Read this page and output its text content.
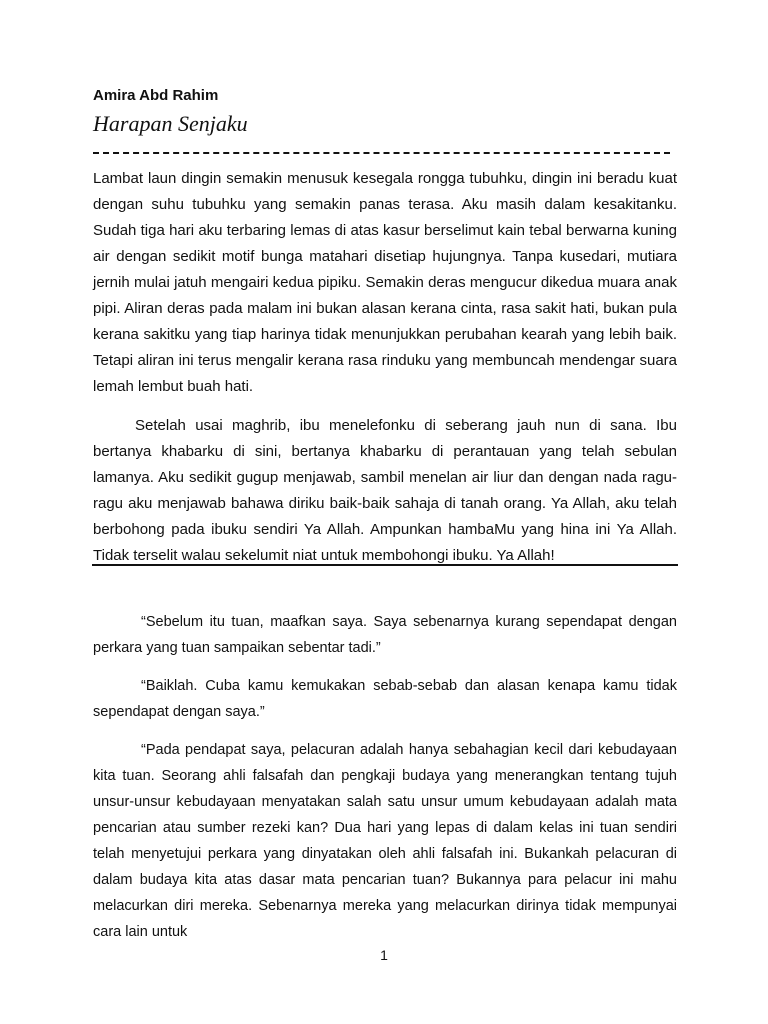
Amira Abd Rahim
Harapan Senjaku

Lambat laun dingin semakin menusuk kesegala rongga tubuhku, dingin ini beradu kuat dengan suhu tubuhku yang semakin panas terasa. Aku masih dalam kesakitanku. Sudah tiga hari aku terbaring lemas di atas kasur berselimut kain tebal berwarna kuning air dengan sedikit motif bunga matahari disetiap hujungnya. Tanpa kusedari, mutiara jernih mulai jatuh mengairi kedua pipiku. Semakin deras mengucur dikedua muara anak pipi. Aliran deras pada malam ini bukan alasan kerana cinta, rasa sakit hati, bukan pula kerana sakitku yang tiap harinya tidak menunjukkan perubahan kearah yang lebih baik. Tetapi aliran ini terus mengalir kerana rasa rinduku yang membuncah mendengar suara lemah lembut buah hati.

Setelah usai maghrib, ibu menelefonku di seberang jauh nun di sana. Ibu bertanya khabarku di sini, bertanya khabarku di perantauan yang telah sebulan lamanya. Aku sedikit gugup menjawab, sambil menelan air liur dan dengan nada ragu-ragu aku menjawab bahawa diriku baik-baik sahaja di tanah orang. Ya Allah, aku telah berbohong pada ibuku sendiri Ya Allah. Ampunkan hambaMu yang hina ini Ya Allah. Tidak terselit walau sekelumit niat untuk membohongi ibuku. Ya Allah!

“Sebelum itu tuan, maafkan saya. Saya sebenarnya kurang sependapat dengan perkara yang tuan sampaikan sebentar tadi.”

“Baiklah. Cuba kamu kemukakan sebab-sebab dan alasan kenapa kamu tidak sependapat dengan saya.”

“Pada pendapat saya, pelacuran adalah hanya sebahagian kecil dari kebudayaan kita tuan. Seorang ahli falsafah dan pengkaji budaya yang menerangkan tentang tujuh unsur-unsur kebudayaan menyatakan salah satu unsur umum kebudayaan adalah mata pencarian atau sumber rezeki kan? Dua hari yang lepas di dalam kelas ini tuan sendiri telah menyetujui perkara yang dinyatakan oleh ahli falsafah ini. Bukankah pelacuran di dalam budaya kita atas dasar mata pencarian tuan? Bukannya para pelacur ini mahu melacurkan diri mereka. Sebenarnya mereka yang melacurkan dirinya tidak mempunyai cara lain untuk

1
